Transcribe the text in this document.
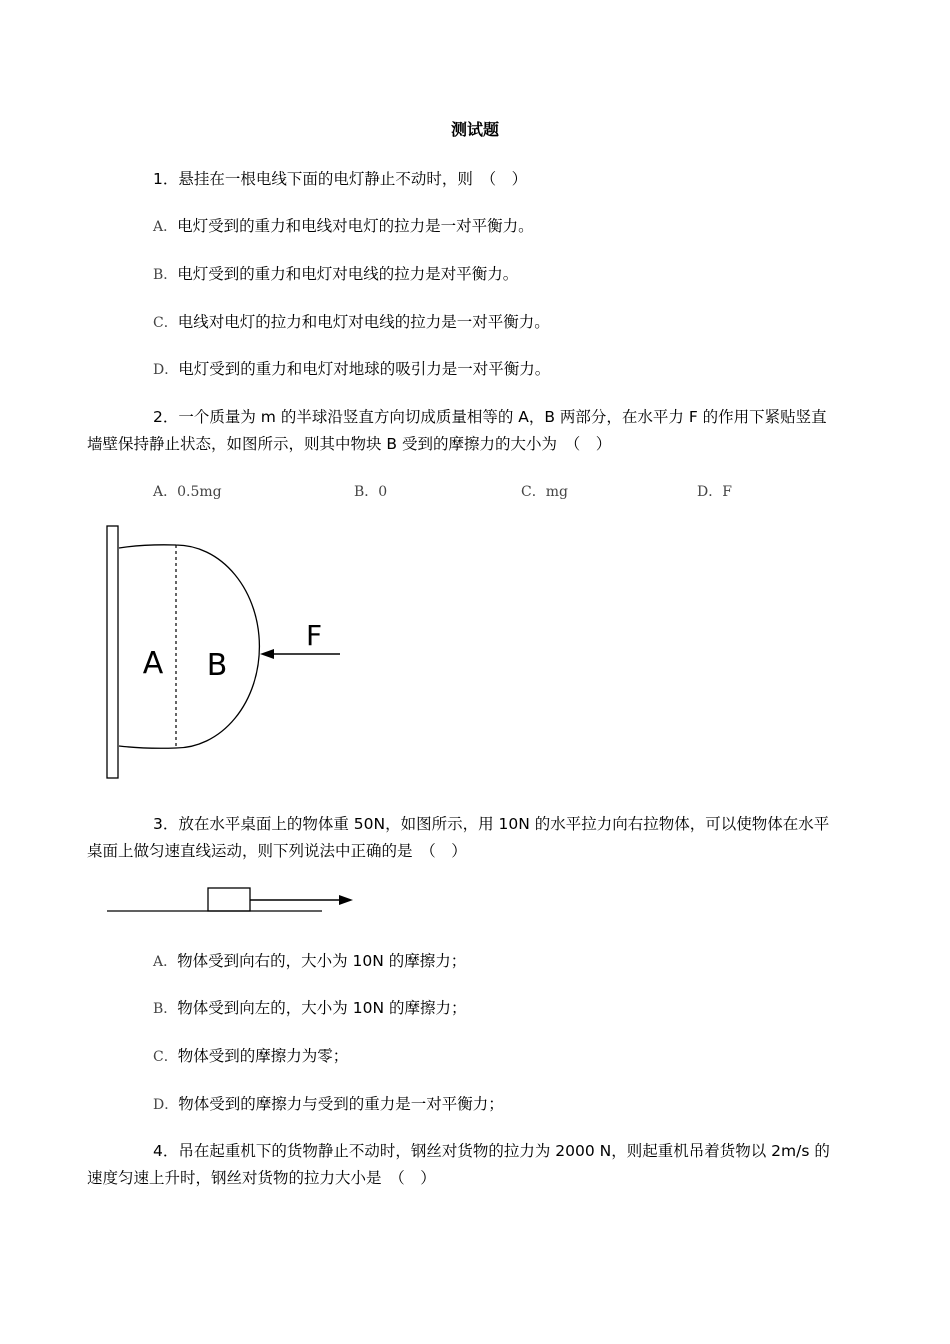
测试题
1．悬挂在一根电线下面的电灯静止不动时，则　（　）
A．电灯受到的重力和电线对电灯的拉力是一对平衡力。
B．电灯受到的重力和电灯对电线的拉力是对平衡力。
C．电线对电灯的拉力和电灯对电线的拉力是一对平衡力。
D．电灯受到的重力和电灯对地球的吸引力是一对平衡力。
2．一个质量为 m 的半球沿竖直方向切成质量相等的 A，B 两部分，在水平力 F 的作用下紧贴竖直
墙壁保持静止状态，如图所示，则其中物块 B 受到的摩擦力的大小为　（　）
A．0.5mg	B．0	C．mg	D．F
A B
F
3．放在水平桌面上的物体重 50N，如图所示，用 10N 的水平拉力向右拉物体，可以使物体在水平
桌面上做匀速直线运动，则下列说法中正确的是　（　）
A．物体受到向右的，大小为 10N 的摩擦力；
B．物体受到向左的，大小为 10N 的摩擦力；
C．物体受到的摩擦力为零；
D．物体受到的摩擦力与受到的重力是一对平衡力；
4．吊在起重机下的货物静止不动时，钢丝对货物的拉力为 2000 N，则起重机吊着货物以 2m/s 的
速度匀速上升时，钢丝对货物的拉力大小是　（　）
